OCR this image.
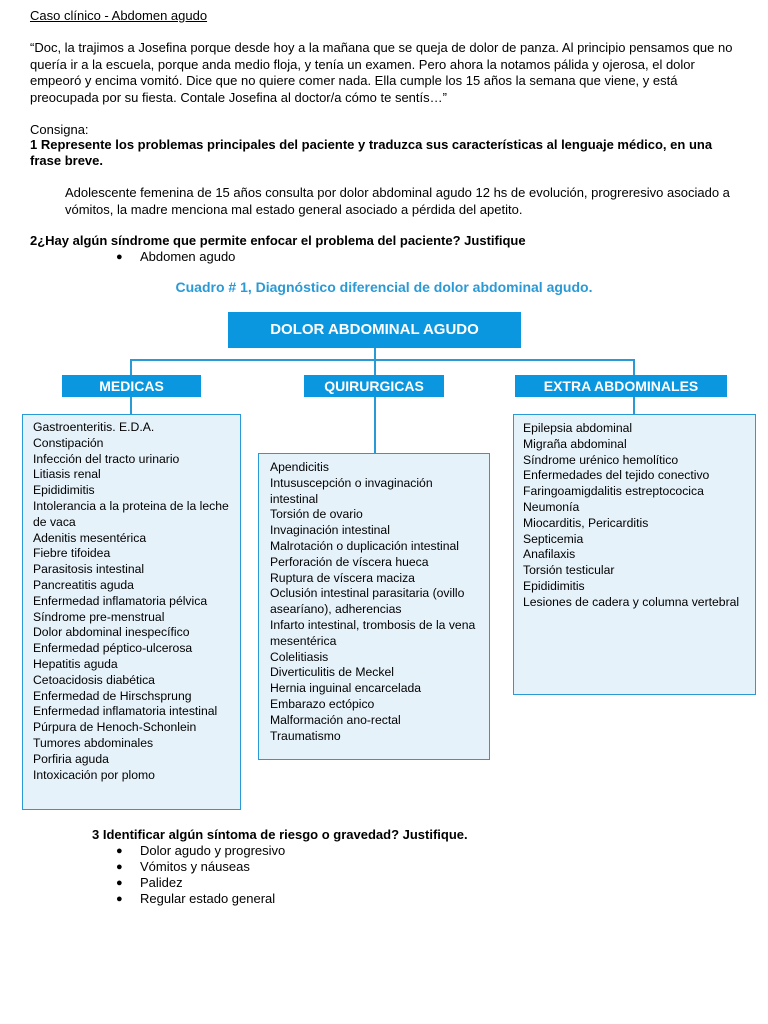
Caso clínico - Abdomen agudo
“Doc, la trajimos a Josefina porque desde hoy a la mañana que se queja de dolor de panza. Al principio pensamos que no quería ir a la escuela, porque anda medio floja, y tenía un examen. Pero ahora la notamos pálida y ojerosa, el dolor empeoró y encima vomitó. Dice que no quiere comer nada. Ella cumple los 15 años la semana que viene, y está preocupada por su fiesta. Contale Josefina al doctor/a cómo te sentís…”
Consigna:
1 Represente los problemas principales del paciente y traduzca sus características al lenguaje médico, en una frase breve.
Adolescente femenina de 15 años consulta por dolor abdominal agudo 12 hs de evolución, progreresivo asociado a vómitos, la madre menciona mal estado general asociado a pérdida del apetito.
2¿Hay algún síndrome que permite enfocar el problema del paciente? Justifique
●	Abdomen agudo
Cuadro # 1, Diagnóstico diferencial de dolor abdominal agudo.
DOLOR ABDOMINAL AGUDO
MEDICAS	QUIRURGICAS	EXTRA ABDOMINALES
Gastroenteritis. E.D.A.
Constipación
Infección del tracto urinario
Litiasis renal
Epididimitis
Intolerancia a la proteina de la leche de vaca
Adenitis mesentérica
Fiebre tifoidea
Parasitosis intestinal
Pancreatitis aguda
Enfermedad inflamatoria pélvica
Síndrome pre-menstrual
Dolor abdominal inespecífico
Enfermedad péptico-ulcerosa
Hepatitis aguda
Cetoacidosis diabética
Enfermedad de Hirschsprung
Enfermedad inflamatoria intestinal
Púrpura de Henoch-Schonlein
Tumores abdominales
Porfiria aguda
Intoxicación por plomo
Apendicitis
Intususcepción o invaginación intestinal
Torsión de ovario
Invaginación intestinal
Malrotación o duplicación intestinal
Perforación de víscera hueca
Ruptura de víscera maciza
Oclusión intestinal parasitaria (ovillo asearíano), adherencias
Infarto intestinal, trombosis de la vena mesentérica
Colelitiasis
Diverticulitis de Meckel
Hernia inguinal encarcelada
Embarazo ectópico
Malformación ano-rectal
Traumatismo
Epilepsia abdominal
Migraña abdominal
Síndrome urénico hemolítico
Enfermedades del tejido conectivo
Faringoamigdalitis estreptococica
Neumonía
Miocarditis, Pericarditis
Septicemia
Anafilaxis
Torsión testicular
Epididimitis
Lesiones de cadera y columna vertebral
3 Identificar algún síntoma de riesgo o gravedad? Justifique.
●	Dolor agudo y progresivo
●	Vómitos y náuseas
●	Palidez
●	Regular estado general
